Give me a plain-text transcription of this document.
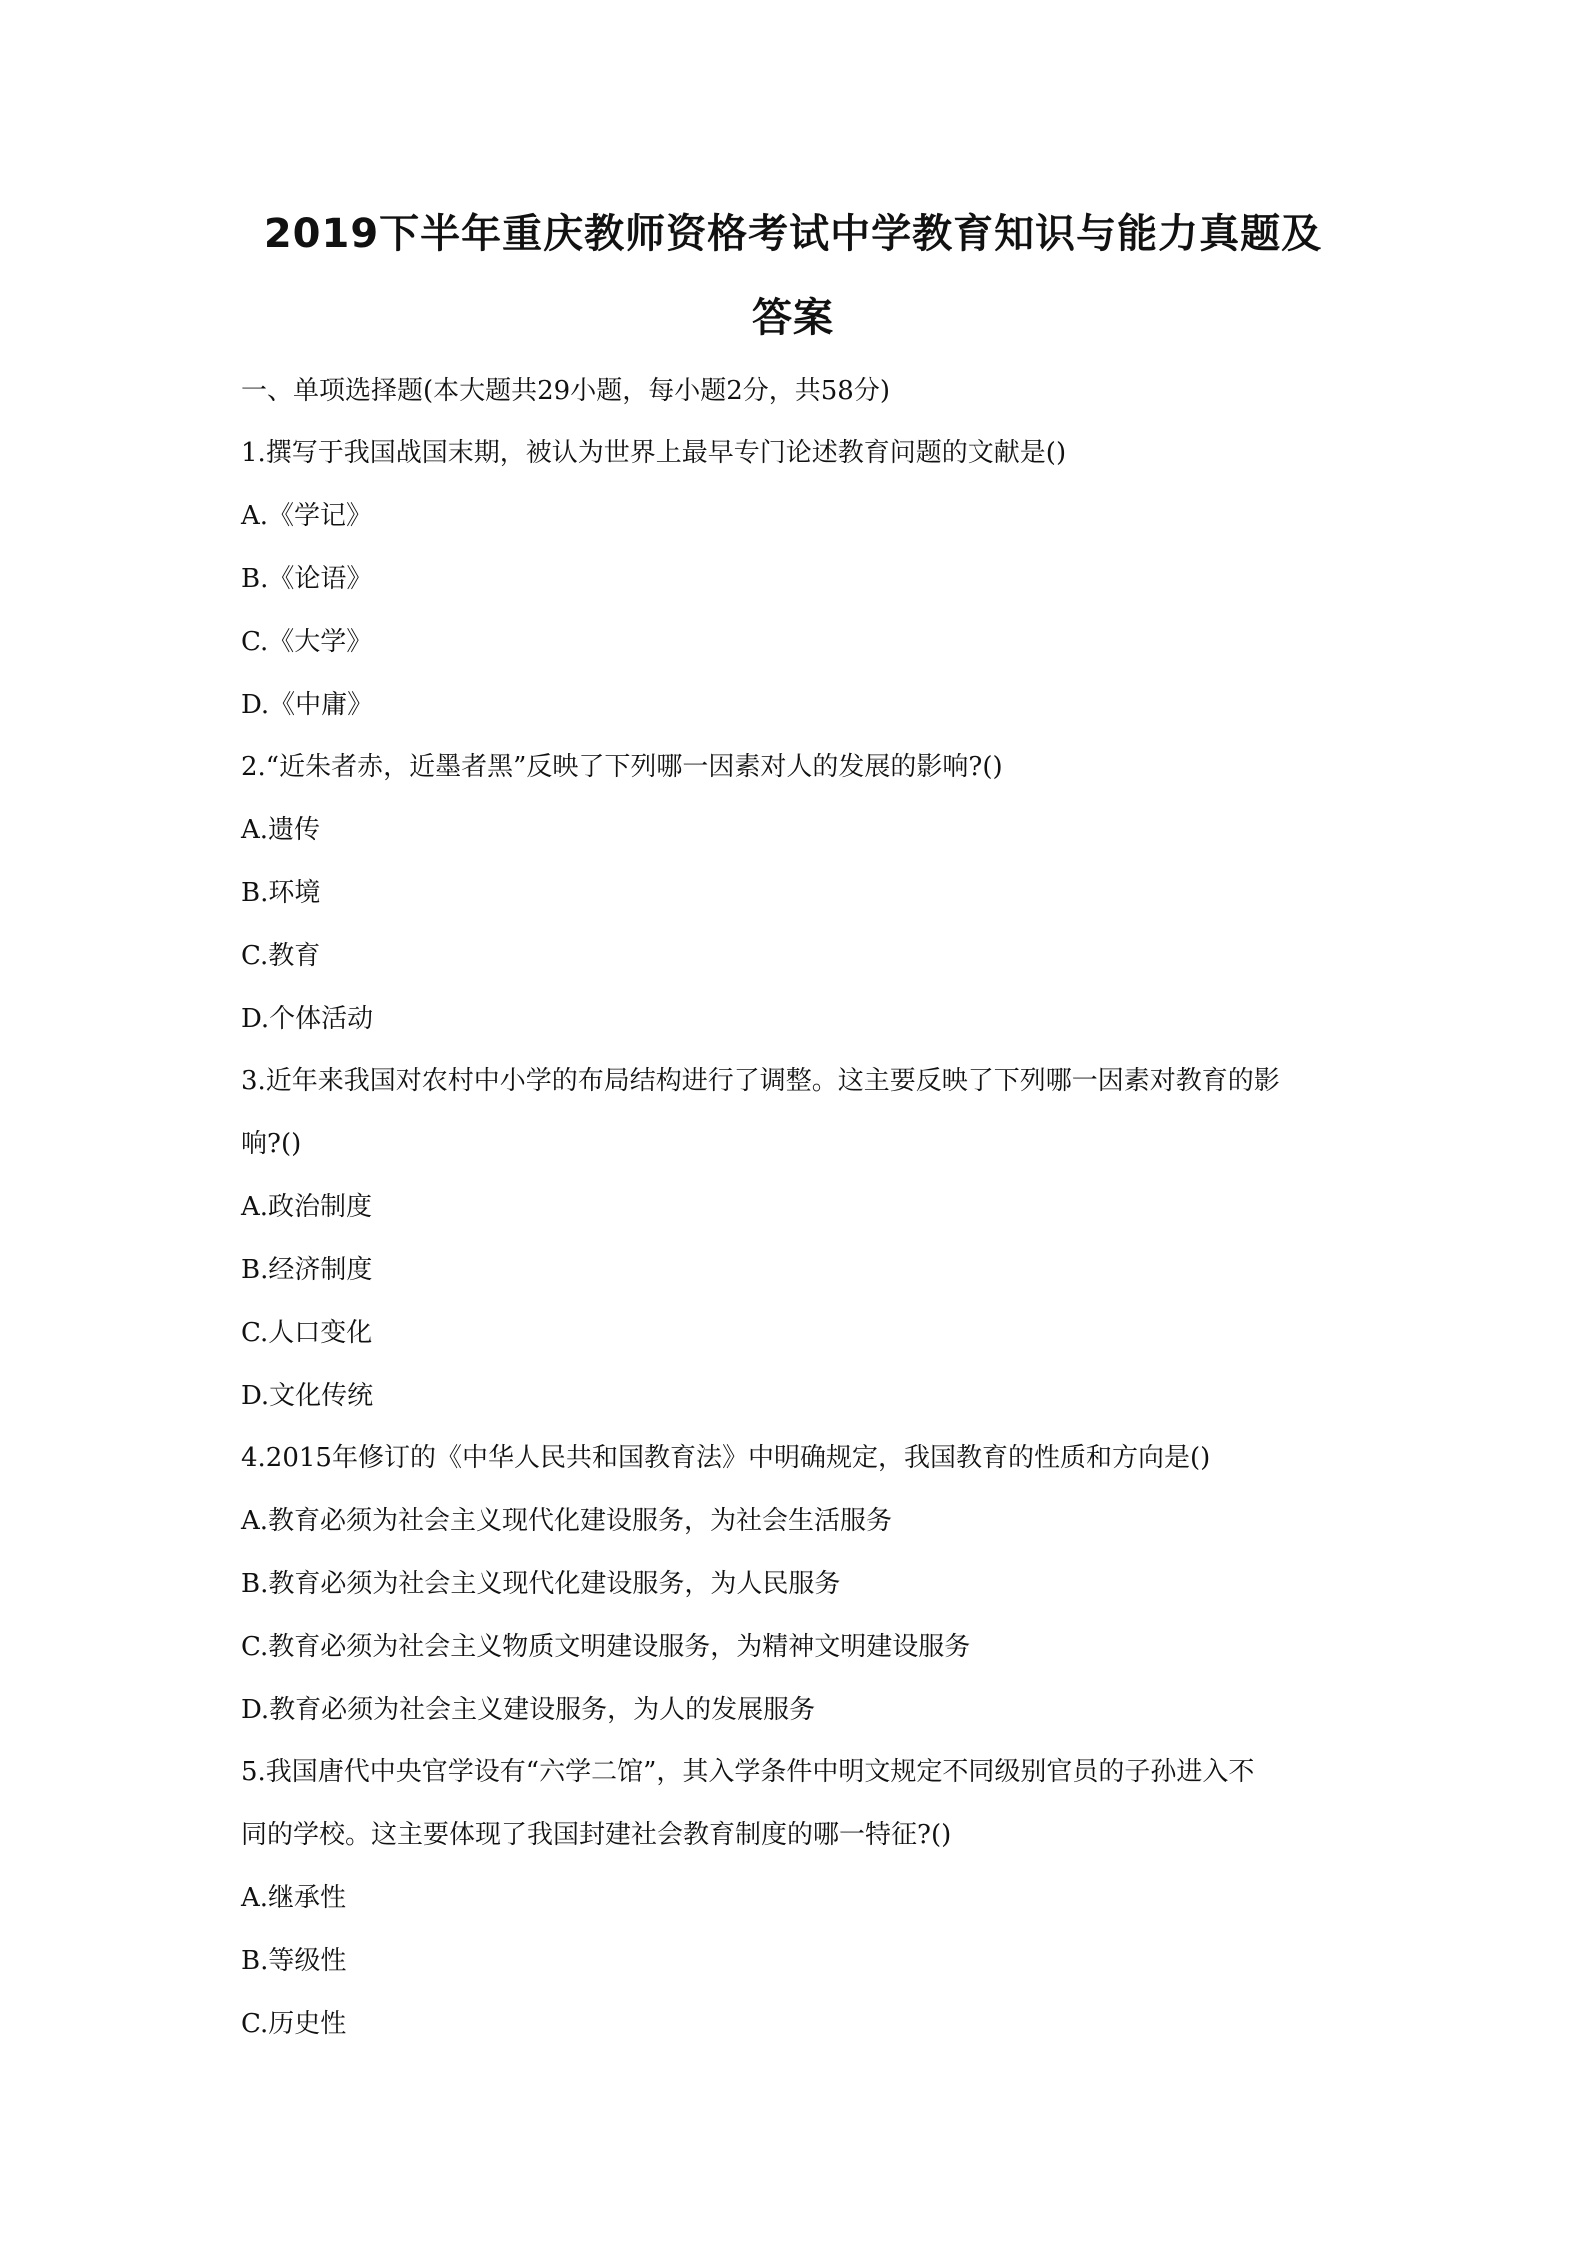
2019下半年重庆教师资格考试中学教育知识与能力真题及
答案

一、单项选择题(本大题共29小题，每小题2分，共58分)

1.撰写于我国战国末期，被认为世界上最早专门论述教育问题的文献是()

A.《学记》

B.《论语》

C.《大学》

D.《中庸》

2.“近朱者赤，近墨者黑”反映了下列哪一因素对人的发展的影响?()

A.遗传

B.环境

C.教育

D.个体活动

3.近年来我国对农村中小学的布局结构进行了调整。这主要反映了下列哪一因素对教育的影

响?()

A.政治制度

B.经济制度

C.人口变化

D.文化传统

4.2015年修订的《中华人民共和国教育法》中明确规定，我国教育的性质和方向是()

A.教育必须为社会主义现代化建设服务，为社会生活服务

B.教育必须为社会主义现代化建设服务，为人民服务

C.教育必须为社会主义物质文明建设服务，为精神文明建设服务

D.教育必须为社会主义建设服务，为人的发展服务

5.我国唐代中央官学设有“六学二馆”，其入学条件中明文规定不同级别官员的子孙进入不

同的学校。这主要体现了我国封建社会教育制度的哪一特征?()

A.继承性

B.等级性

C.历史性
